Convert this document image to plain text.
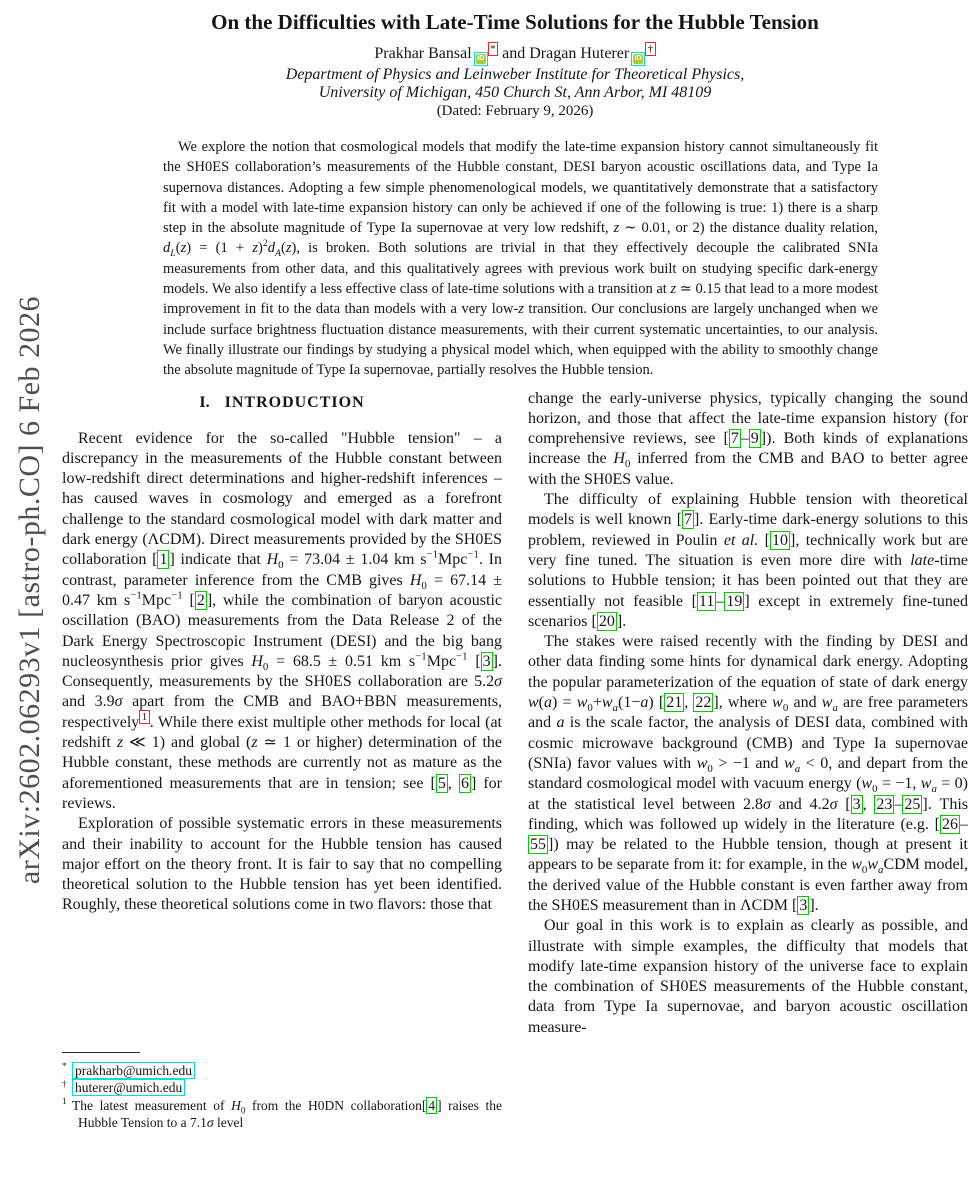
arXiv:2602.06293v1 [astro-ph.CO] 6 Feb 2026
On the Difficulties with Late-Time Solutions for the Hubble Tension
Prakhar Bansal iD* and Dragan Huterer iD†
Department of Physics and Leinweber Institute for Theoretical Physics,
University of Michigan, 450 Church St, Ann Arbor, MI 48109
(Dated: February 9, 2026)
We explore the notion that cosmological models that modify the late-time expansion history cannot simultaneously fit the SH0ES collaboration’s measurements of the Hubble constant, DESI baryon acoustic oscillations data, and Type Ia supernova distances. Adopting a few simple phenomenological models, we quantitatively demonstrate that a satisfactory fit with a model with late-time expansion history can only be achieved if one of the following is true: 1) there is a sharp step in the absolute magnitude of Type Ia supernovae at very low redshift, z ∼ 0.01, or 2) the distance duality relation, $d_L(z) = (1 + z)^2d_A(z)$, is broken. Both solutions are trivial in that they effectively decouple the calibrated SNIa measurements from other data, and this qualitatively agrees with previous work built on studying specific dark-energy models. We also identify a less effective class of late-time solutions with a transition at z ≃ 0.15 that lead to a more modest improvement in fit to the data than models with a very low-z transition. Our conclusions are largely unchanged when we include surface brightness fluctuation distance measurements, with their current systematic uncertainties, to our analysis. We finally illustrate our findings by studying a physical model which, when equipped with the ability to smoothly change the absolute magnitude of Type Ia supernovae, partially resolves the Hubble tension.
I. INTRODUCTION

Recent evidence for the so-called "Hubble tension" – a discrepancy in the measurements of the Hubble constant between low-redshift direct determinations and higher-redshift inferences – has caused waves in cosmology and emerged as a forefront challenge to the standard cosmological model with dark matter and dark energy (ΛCDM). Direct measurements provided by the SH0ES collaboration [ 1 ] indicate that $H_0 = 73.04 \pm 1.04$ km $s^{-1}Mpc^{-1}$. In contrast, parameter inference from the CMB gives $H_0 = 67.14 \pm 0.47$ km $s^{-1}Mpc^{-1}$ [ 2 ], while the combination of baryon acoustic oscillation (BAO) measurements from the Data Release 2 of the Dark Energy Spectroscopic Instrument (DESI) and the big bang nucleosynthesis prior gives $H_0 = 68.5 \pm 0.51$ km $s^{-1}Mpc^{-1}$ [ 3 ]. Consequently, measurements by the SH0ES collaboration are 5.2σ and 3.9σ apart from the CMB and BAO+BBN measurements, respectively $^1$ . While there exist multiple other methods for local (at redshift z ≪ 1) and global (z ≃ 1 or higher) determination of the Hubble constant, these methods are currently not as mature as the aforementioned measurements that are in tension; see [ 5 , 6 ] for reviews.

Exploration of possible systematic errors in these measurements and their inability to account for the Hubble tension has caused major effort on the theory front. It is fair to say that no compelling theoretical solution to the Hubble tension has yet been identified. Roughly, these theoretical solutions come in two flavors: those that

* prakharb@umich.edu
† huterer@umich.edu
$^1$ The latest measurement of $H_0$ from the H0DN collaboration[ 4 ] raises the Hubble Tension to a 7.1σ level

change the early-universe physics, typically changing the sound horizon, and those that affect the late-time expansion history (for comprehensive reviews, see [ 7 – 9 ]). Both kinds of explanations increase the $H_0$ inferred from the CMB and BAO to better agree with the SH0ES value.

The difficulty of explaining Hubble tension with theoretical models is well known [ 7 ]. Early-time dark-energy solutions to this problem, reviewed in Poulin et al. [ 10 ], technically work but are very fine tuned. The situation is even more dire with late-time solutions to Hubble tension; it has been pointed out that they are essentially not feasible [ 11 – 19 ] except in extremely fine-tuned scenarios [ 20 ].

The stakes were raised recently with the finding by DESI and other data finding some hints for dynamical dark energy. Adopting the popular parameterization of the equation of state of dark energy $w(a) = w_0+w_a(1-a)$ [ 21 , 22 ], where $w_0$ and $w_a$ are free parameters and a is the scale factor, the analysis of DESI data, combined with cosmic microwave background (CMB) and Type Ia supernovae (SNIa) favor values with $w_0 > -1$ and $w_a < 0$, and depart from the standard cosmological model with vacuum energy ($w_0 = -1$, $w_a = 0$) at the statistical level between 2.8σ and 4.2σ [ 3 , 23 – 25 ]. This finding, which was followed up widely in the literature (e.g. [ 26 –55 ]) may be related to the Hubble tension, though at present it appears to be separate from it: for example, in the $w_0w_aCDM$ model, the derived value of the Hubble constant is even farther away from the SH0ES measurement than in ΛCDM [ 3 ].

Our goal in this work is to explain as clearly as possible, and illustrate with simple examples, the difficulty that models that modify late-time expansion history of the universe face to explain the combination of SH0ES measurements of the Hubble constant, data from Type Ia supernovae, and baryon acoustic oscillation measure-
